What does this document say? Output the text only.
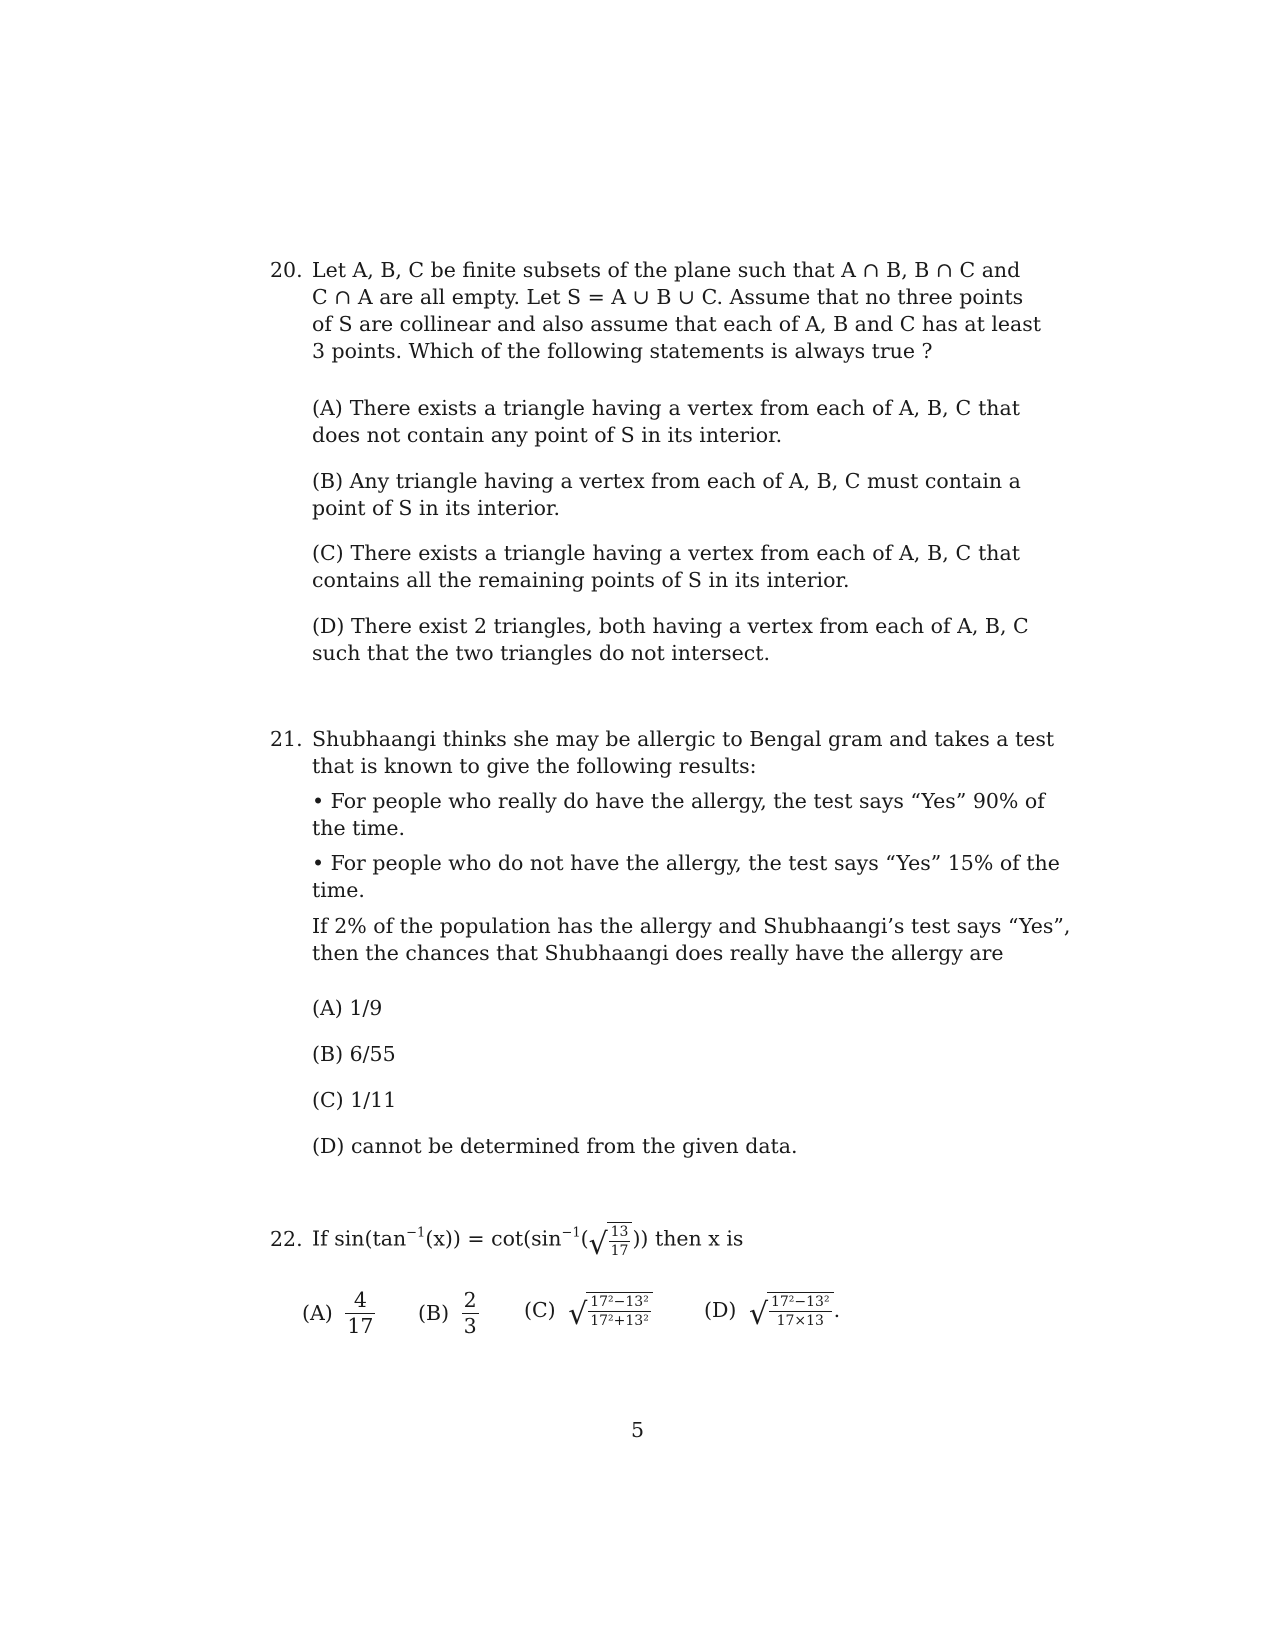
20. Let A, B, C be finite subsets of the plane such that A ∩ B, B ∩ C and
C ∩ A are all empty. Let S = A ∪ B ∪ C. Assume that no three points
of S are collinear and also assume that each of A, B and C has at least
3 points. Which of the following statements is always true ?
(A) There exists a triangle having a vertex from each of A, B, C that
does not contain any point of S in its interior.
(B) Any triangle having a vertex from each of A, B, C must contain a
point of S in its interior.
(C) There exists a triangle having a vertex from each of A, B, C that
contains all the remaining points of S in its interior.
(D) There exist 2 triangles, both having a vertex from each of A, B, C
such that the two triangles do not intersect.
21. Shubhaangi thinks she may be allergic to Bengal gram and takes a test
that is known to give the following results:
• For people who really do have the allergy, the test says “Yes” 90% of
the time.
• For people who do not have the allergy, the test says “Yes” 15% of the
time.
If 2% of the population has the allergy and Shubhaangi’s test says “Yes”,
then the chances that Shubhaangi does really have the allergy are
(A) 1/9
(B) 6/55
(C) 1/11
(D) cannot be determined from the given data.
22. If $\sin(\tan^{-1}(x)) = \cot(\sin^{-1}$( √ $\frac{13}{17}$ )) then x is
$(A) \frac{4}{17} (B) \frac{2}{3} (C)$ √ $\frac{\text{17²−13²}}{\text{17²+13²}}$	(D) √ $\frac{\text{17²−13²}}{17\times 13}$ .
5
